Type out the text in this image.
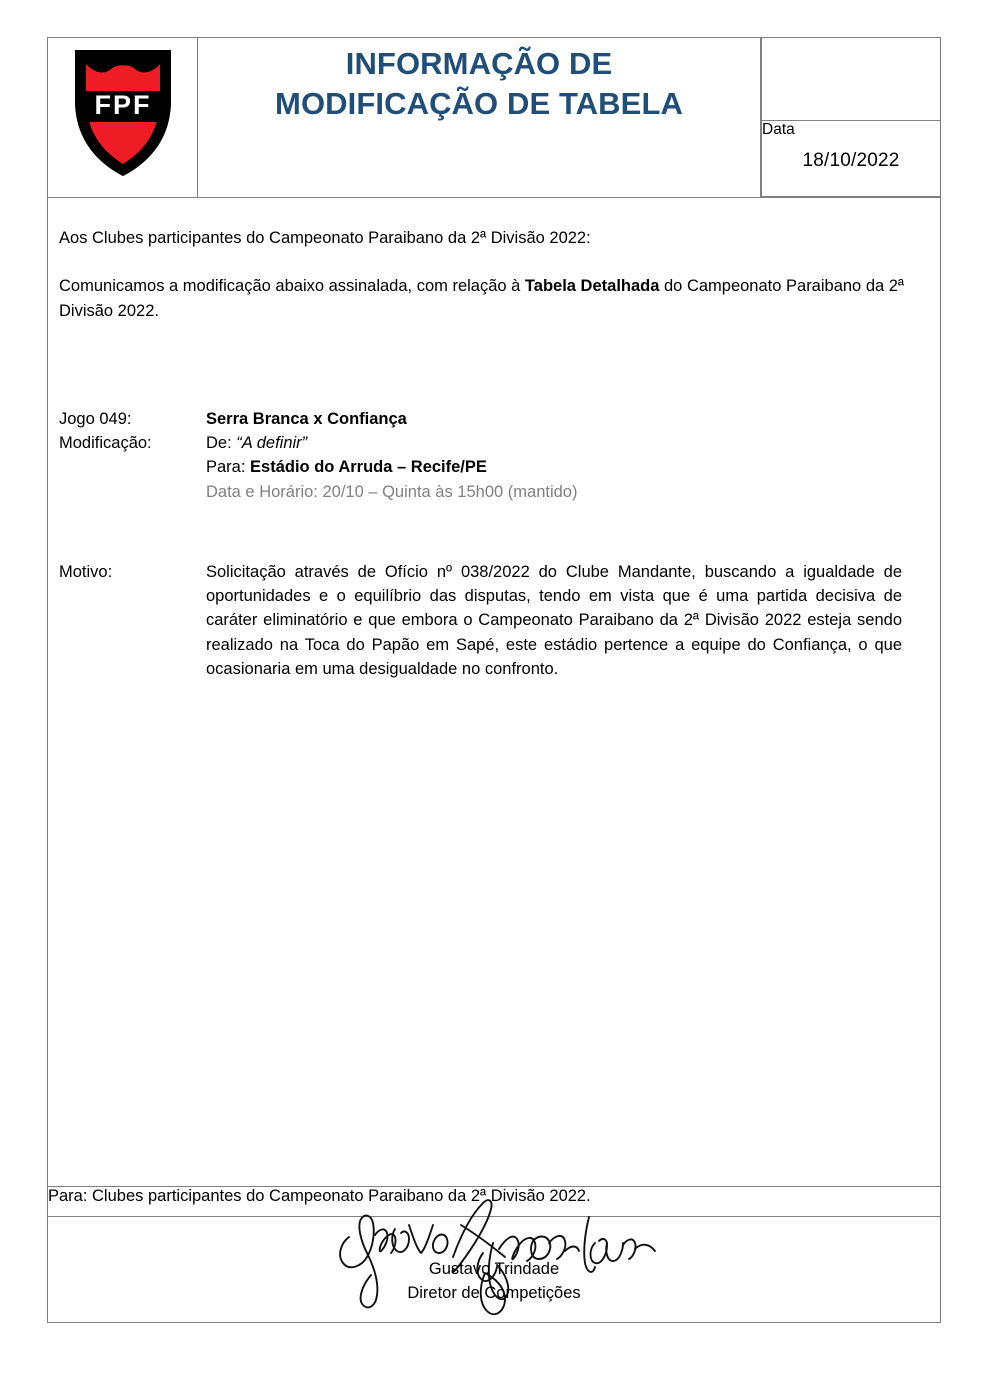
FPF

INFORMAÇÃO DE
MODIFICAÇÃO DE TABELA

Data
18/10/2022

Aos Clubes participantes do Campeonato Paraibano da 2ª Divisão 2022:

Comunicamos a modificação abaixo assinalada, com relação à Tabela Detalhada do Campeonato Paraibano da 2ª Divisão 2022.

Jogo 049:	Serra Branca x Confiança
Modificação:	De: “A definir”
Para: Estádio do Arruda – Recife/PE
Data e Horário: 20/10 – Quinta às 15h00 (mantido)
Motivo:	Solicitação através de Ofício nº 038/2022 do Clube Mandante, buscando a igualdade de oportunidades e o equilíbrio das disputas, tendo em vista que é uma partida decisiva de caráter eliminatório e que embora o Campeonato Paraibano da 2ª Divisão 2022 esteja sendo realizado na Toca do Papão em Sapé, este estádio pertence a equipe do Confiança, o que ocasionaria em uma desigualdade no confronto.

Para: Clubes participantes do Campeonato Paraibano da 2ª Divisão 2022.

Gustavo Trindade
Diretor de Competições
